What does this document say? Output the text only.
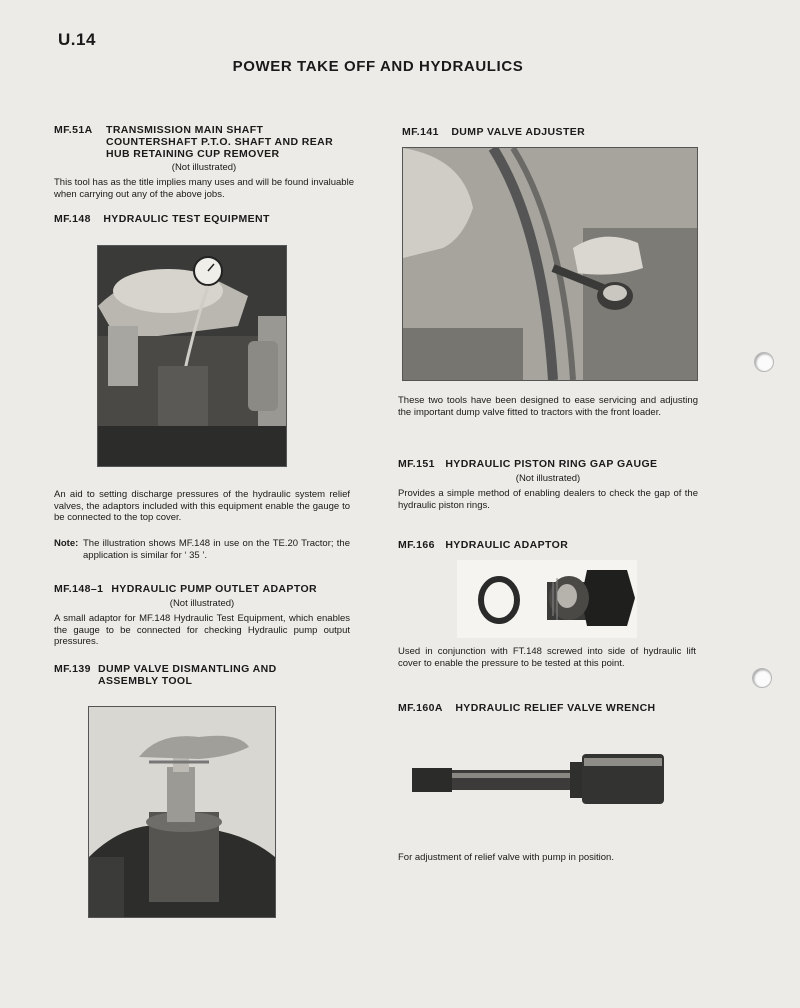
U.14
POWER TAKE OFF AND HYDRAULICS
MF.51A	TRANSMISSION MAIN SHAFT
COUNTERSHAFT P.T.O. SHAFT AND REAR
HUB RETAINING CUP REMOVER
(Not illustrated)
This tool has as the title implies many uses and will be found invaluable when carrying out any of the above jobs.
MF.148 HYDRAULIC TEST EQUIPMENT
An aid to setting discharge pressures of the hydraulic system relief valves, the adaptors included with this equipment enable the gauge to be connected to the top cover.
Note: The illustration shows MF.148 in use on the TE.20 Tractor; the application is similar for ‘ 35 ’.
MF.148–1 HYDRAULIC PUMP OUTLET ADAPTOR
(Not illustrated)
A small adaptor for MF.148 Hydraulic Test Equipment, which enables the gauge to be connected for checking Hydraulic pump output pressures.
MF.139 DUMP VALVE DISMANTLING AND
ASSEMBLY TOOL
MF.141 DUMP VALVE ADJUSTER
These two tools have been designed to ease servicing and adjusting the important dump valve fitted to tractors with the front loader.
MF.151 HYDRAULIC PISTON RING GAP GAUGE
(Not illustrated)
Provides a simple method of enabling dealers to check the gap of the hydraulic piston rings.
MF.166 HYDRAULIC ADAPTOR
Used in conjunction with FT.148 screwed into side of hydraulic lift cover to enable the pressure to be tested at this point.
MF.160A HYDRAULIC RELIEF VALVE WRENCH
For adjustment of relief valve with pump in position.
